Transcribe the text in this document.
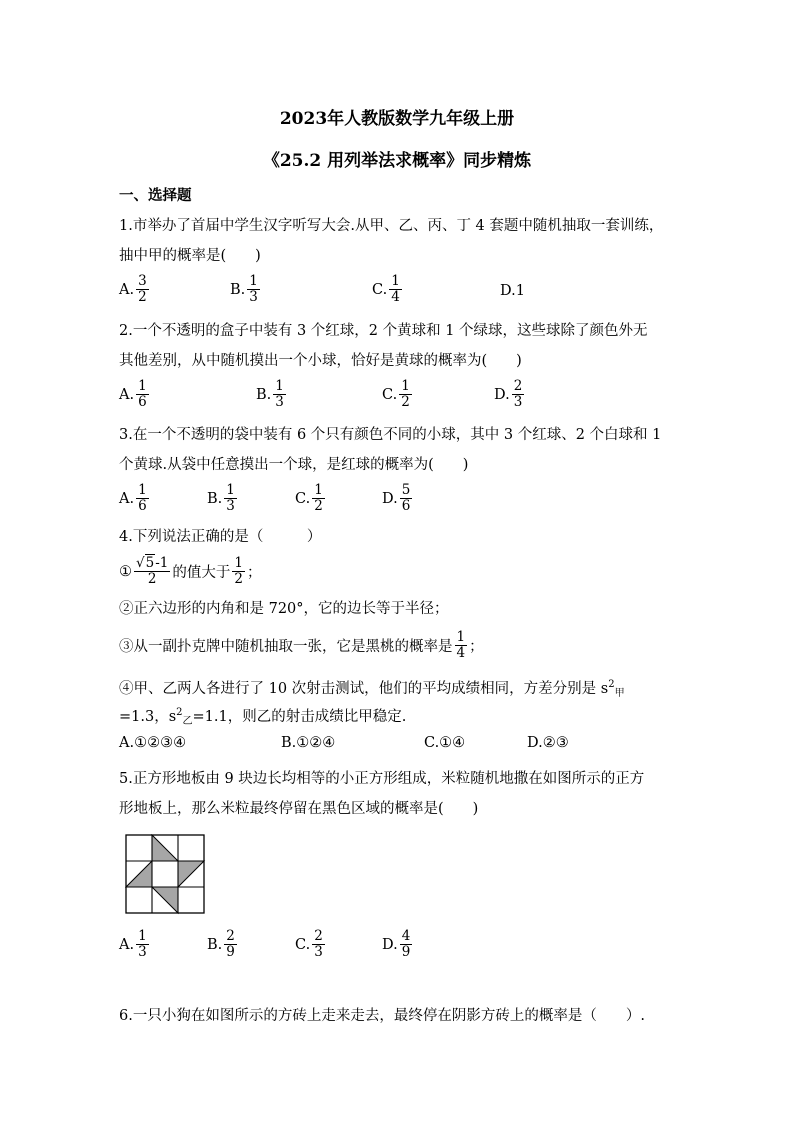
2023年人教版数学九年级上册
《25.2 用列举法求概率》同步精炼
一、选择题
1.市举办了首届中学生汉字听写大会.从甲、乙、丙、丁 4 套题中随机抽取一套训练，
抽中甲的概率是(　　)
A. $\frac{3}{2}$	B. $\frac{1}{3}$	C. $\frac{1}{4}$	D.1
2.一个不透明的盒子中装有 3 个红球，2 个黄球和 1 个绿球，这些球除了颜色外无
其他差别，从中随机摸出一个小球，恰好是黄球的概率为(　　)
A. $\frac{1}{6}$	B. $\frac{1}{3}$	C. $\frac{1}{2}$	D. $\frac{2}{3}$
3.在一个不透明的袋中装有 6 个只有颜色不同的小球，其中 3 个红球、2 个白球和 1
个黄球.从袋中任意摸出一个球，是红球的概率为(　　)
A. $\frac{1}{6}$	B. $\frac{1}{3}$	C. $\frac{1}{2}$	D. $\frac{5}{6}$
4.下列说法正确的是（　　　）
① $\frac{√5-1}{2}$ 的值大于 $\frac{1}{2}$ ；
②正六边形的内角和是 720°，它的边长等于半径；
③从一副扑克牌中随机抽取一张，它是黑桃的概率是 $\frac{1}{4}$ ；
④甲、乙两人各进行了 10 次射击测试，他们的平均成绩相同，方差分别是 $s^2_甲$
=1.3，$s^2_乙=1.1$，则乙的射击成绩比甲稳定.
A.①②③④	B.①②④	C.①④	D.②③
5.正方形地板由 9 块边长均相等的小正方形组成，米粒随机地撒在如图所示的正方
形地板上，那么米粒最终停留在黑色区域的概率是(　　)
A. $\frac{1}{3}$	B. $\frac{2}{9}$	C. $\frac{2}{3}$	D. $\frac{4}{9}$
6.一只小狗在如图所示的方砖上走来走去，最终停在阴影方砖上的概率是（　　）.
